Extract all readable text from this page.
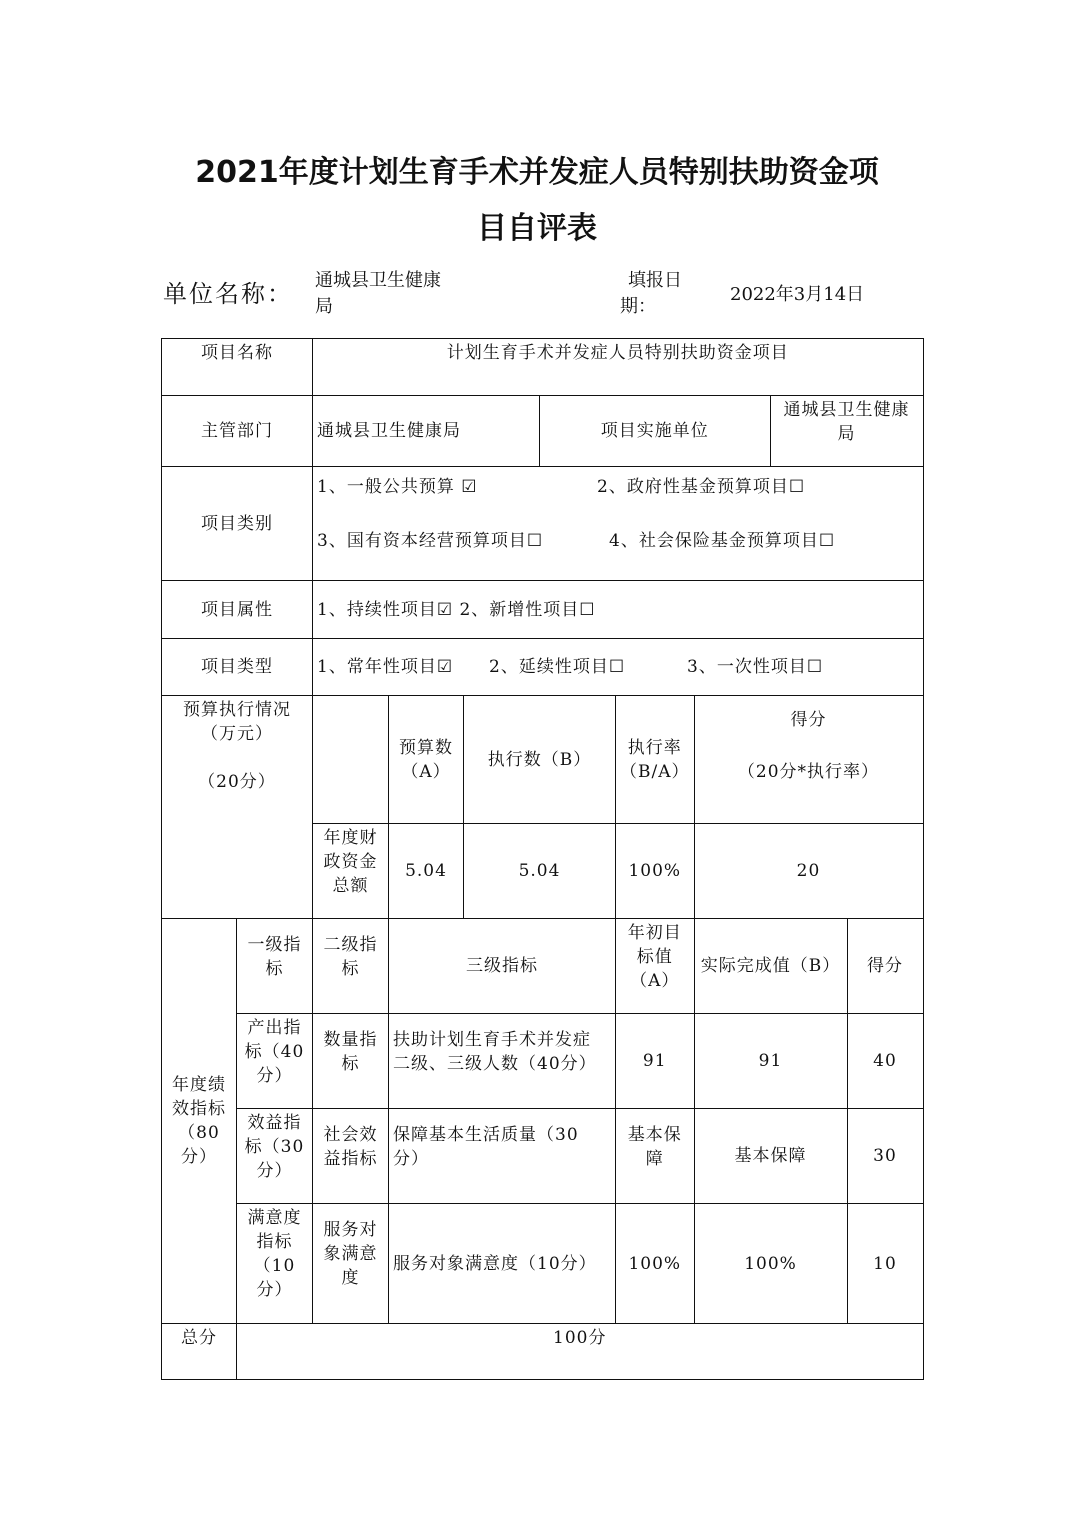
2021年度计划生育手术并发症人员特别扶助资金项
目自评表
单位名称： 通城县卫生健康
局
填报日
期：
2022年3月14日
项目名称		计划生育手术并发症人员特别扶助资金项目							
主管部门		通城县卫生健康局			项目实施单位			通城县卫生健康
局	

项目类别		1、一般公共预算 ☑ 2、政府性基金预算项目☐
3、国有资本经营预算项目☐ 4、社会保险基金预算项目☐							

项目属性		1、持续性项目☑ 2、新增性项目☐							
项目类型		1、常年性项目☑ 2、延续性项目☐ 3、一次性项目☐							

预算执行情况
（万元）
（20分）			预算数
（A）	执行数（B）		执行率
（B/A）	得分
（20分*执行率）		

		年度财
政资金
总额	5.04	5.04		100%	20		

年度绩
效指标
（80
分）	一级指
标	二级指
标	三级指标			年初目
标值
（A）	实际完成值（B）		得分

	产出指
标（40
分）	数量指
标	扶助计划生育手术并发症
二级、三级人数（40分）			91	91		40

	效益指
标（30
分）	社会效
益指标	保障基本生活质量（30
分）			基本保
障	基本保障		30

	满意度
指标
（10
分）	服务对
象满意
度	服务对象满意度（10分）			100%	100%		10
总分	100分								
